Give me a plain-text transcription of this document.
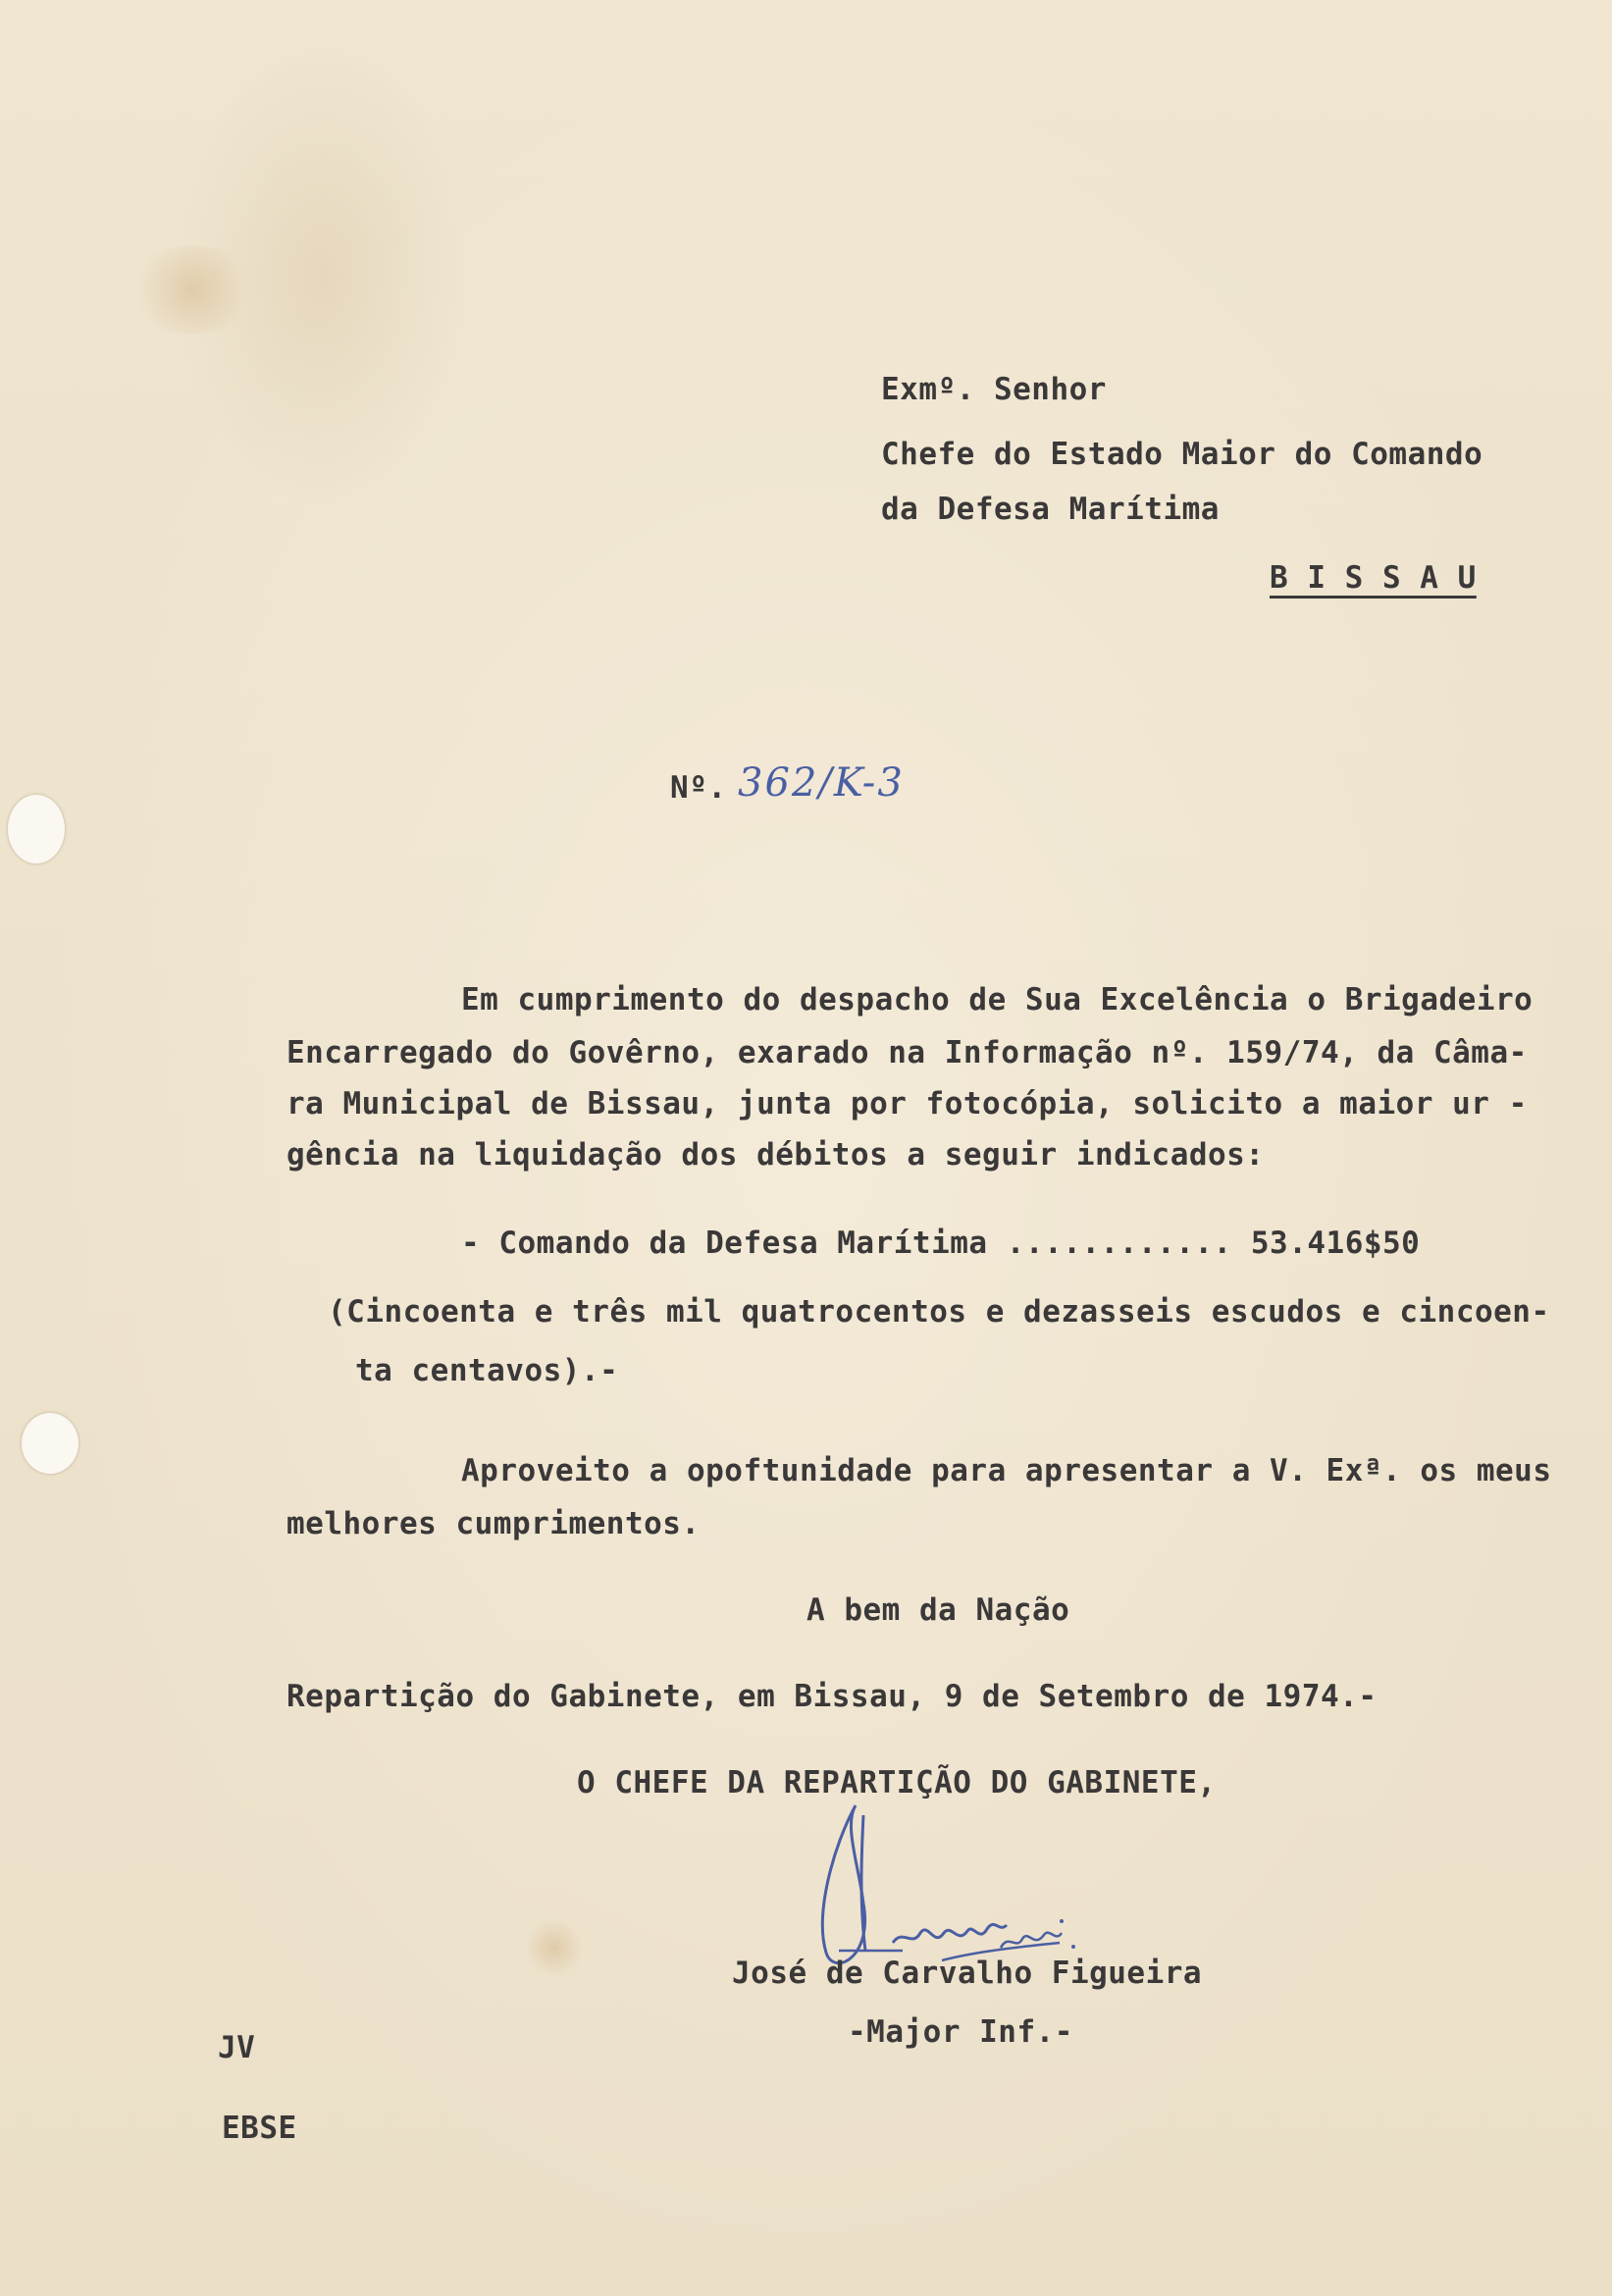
Exmº. Senhor
Chefe do Estado Maior do Comando
da Defesa Marítima
B I S S A U
Nº. 362/K-3
Em cumprimento do despacho de Sua Excelência o Brigadeiro
Encarregado do Govêrno, exarado na Informação nº. 159/74, da Câma-
ra Municipal de Bissau, junta por fotocópia, solicito a maior ur -
gência na liquidação dos débitos a seguir indicados:
- Comando da Defesa Marítima ............ 53.416$50
(Cincoenta e três mil quatrocentos e dezasseis escudos e cincoen-
ta centavos).-
Aproveito a opoftunidade para apresentar a V. Exª. os meus
melhores cumprimentos.
A bem da Nação
Repartição do Gabinete, em Bissau, 9 de Setembro de 1974.-
O CHEFE DA REPARTIÇÃO DO GABINETE,
José de Carvalho Figueira
-Major Inf.-
JV
EBSE
